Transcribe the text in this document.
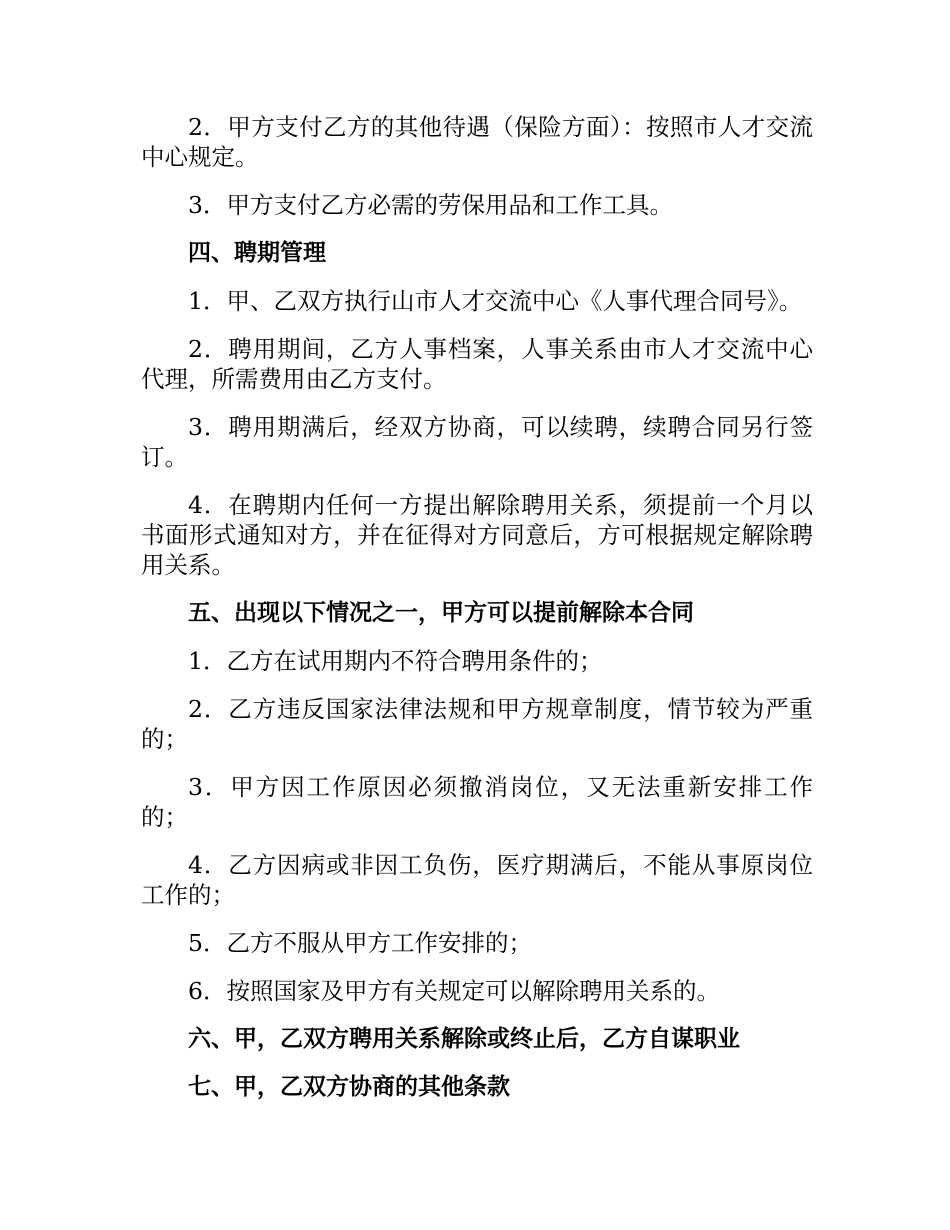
2．甲方支付乙方的其他待遇（保险方面）：按照市人才交流中心规定。

3．甲方支付乙方必需的劳保用品和工作工具。

四、聘期管理

1．甲、乙双方执行山市人才交流中心《人事代理合同号》。

2．聘用期间，乙方人事档案，人事关系由市人才交流中心代理，所需费用由乙方支付。

3．聘用期满后，经双方协商，可以续聘，续聘合同另行签订。

4．在聘期内任何一方提出解除聘用关系，须提前一个月以书面形式通知对方，并在征得对方同意后，方可根据规定解除聘用关系。

五、出现以下情况之一，甲方可以提前解除本合同

1．乙方在试用期内不符合聘用条件的；

2．乙方违反国家法律法规和甲方规章制度，情节较为严重的；

3．甲方因工作原因必须撤消岗位，又无法重新安排工作的；

4．乙方因病或非因工负伤，医疗期满后，不能从事原岗位工作的；

5．乙方不服从甲方工作安排的；

6．按照国家及甲方有关规定可以解除聘用关系的。

六、甲，乙双方聘用关系解除或终止后，乙方自谋职业

七、甲，乙双方协商的其他条款
